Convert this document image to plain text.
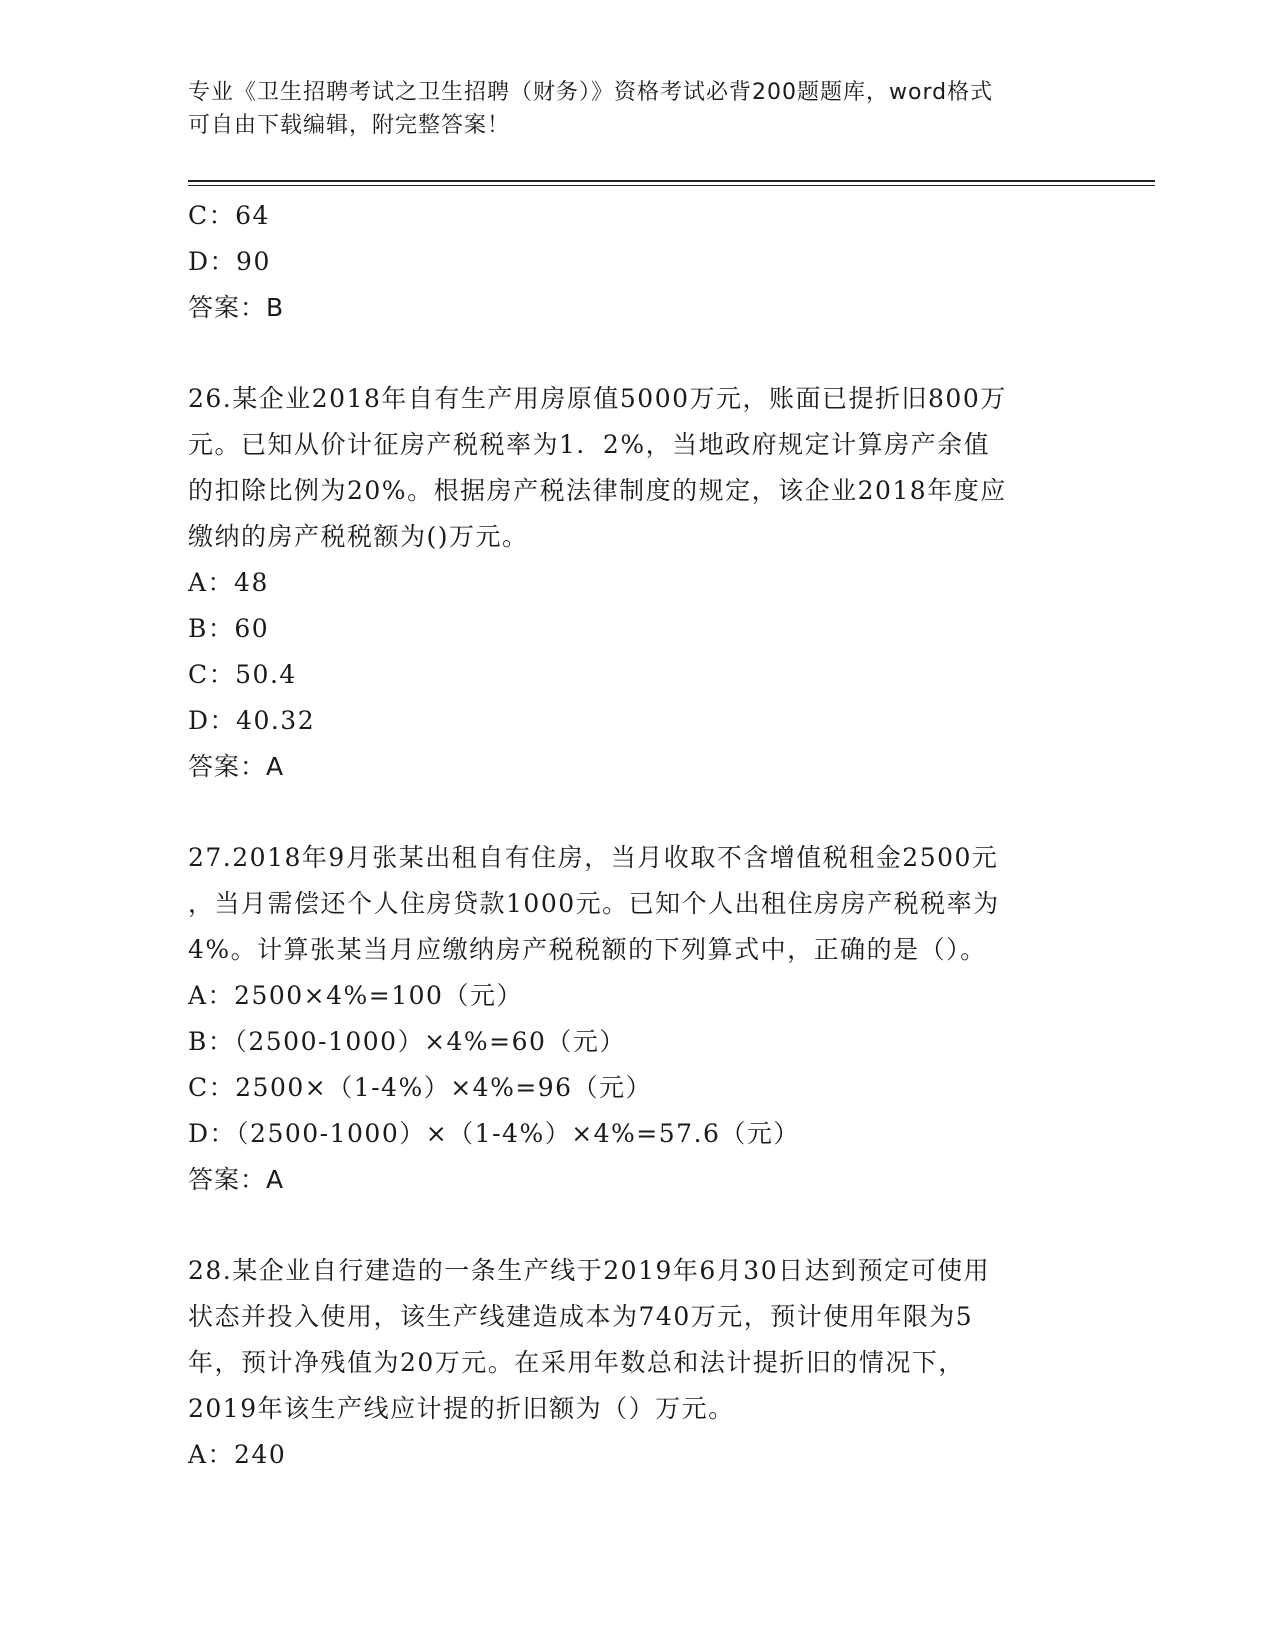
专业《卫生招聘考试之卫生招聘（财务）》资格考试必背200题题库，word格式
可自由下载编辑，附完整答案！
C：64
D：90
答案：B
26.某企业2018年自有生产用房原值5000万元，账面已提折旧800万
元。已知从价计征房产税税率为1．2%，当地政府规定计算房产余值
的扣除比例为20%。根据房产税法律制度的规定，该企业2018年度应
缴纳的房产税税额为()万元。
A：48
B：60
C：50.4
D：40.32
答案：A
27.2018年9月张某出租自有住房，当月收取不含增值税租金2500元
，当月需偿还个人住房贷款1000元。已知个人出租住房房产税税率为
4%。计算张某当月应缴纳房产税税额的下列算式中，正确的是（）。
A：2500×4%=100（元）
B：（2500-1000）×4%=60（元）
C：2500×（1-4%）×4%=96（元）
D：（2500-1000）×（1-4%）×4%=57.6（元）
答案：A
28.某企业自行建造的一条生产线于2019年6月30日达到预定可使用
状态并投入使用，该生产线建造成本为740万元，预计使用年限为5
年，预计净残值为20万元。在采用年数总和法计提折旧的情况下，
2019年该生产线应计提的折旧额为（）万元。
A：240
